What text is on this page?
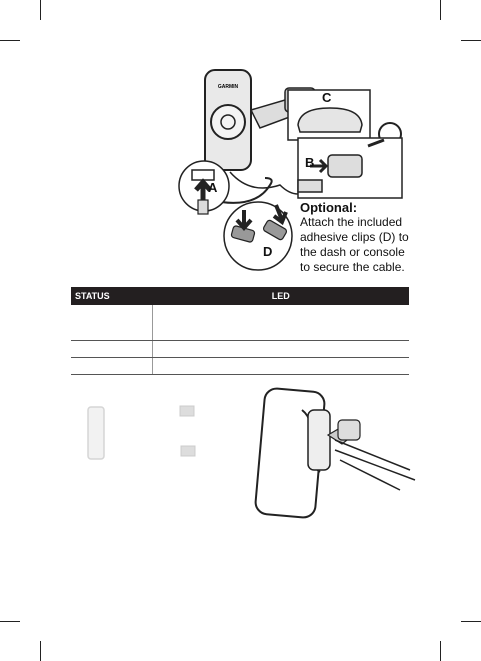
GARMIN
C
B
A
D
Optional:
Attach the included
adhesive clips (D) to
the dash or console
to secure the cable.
STATUS	LED
